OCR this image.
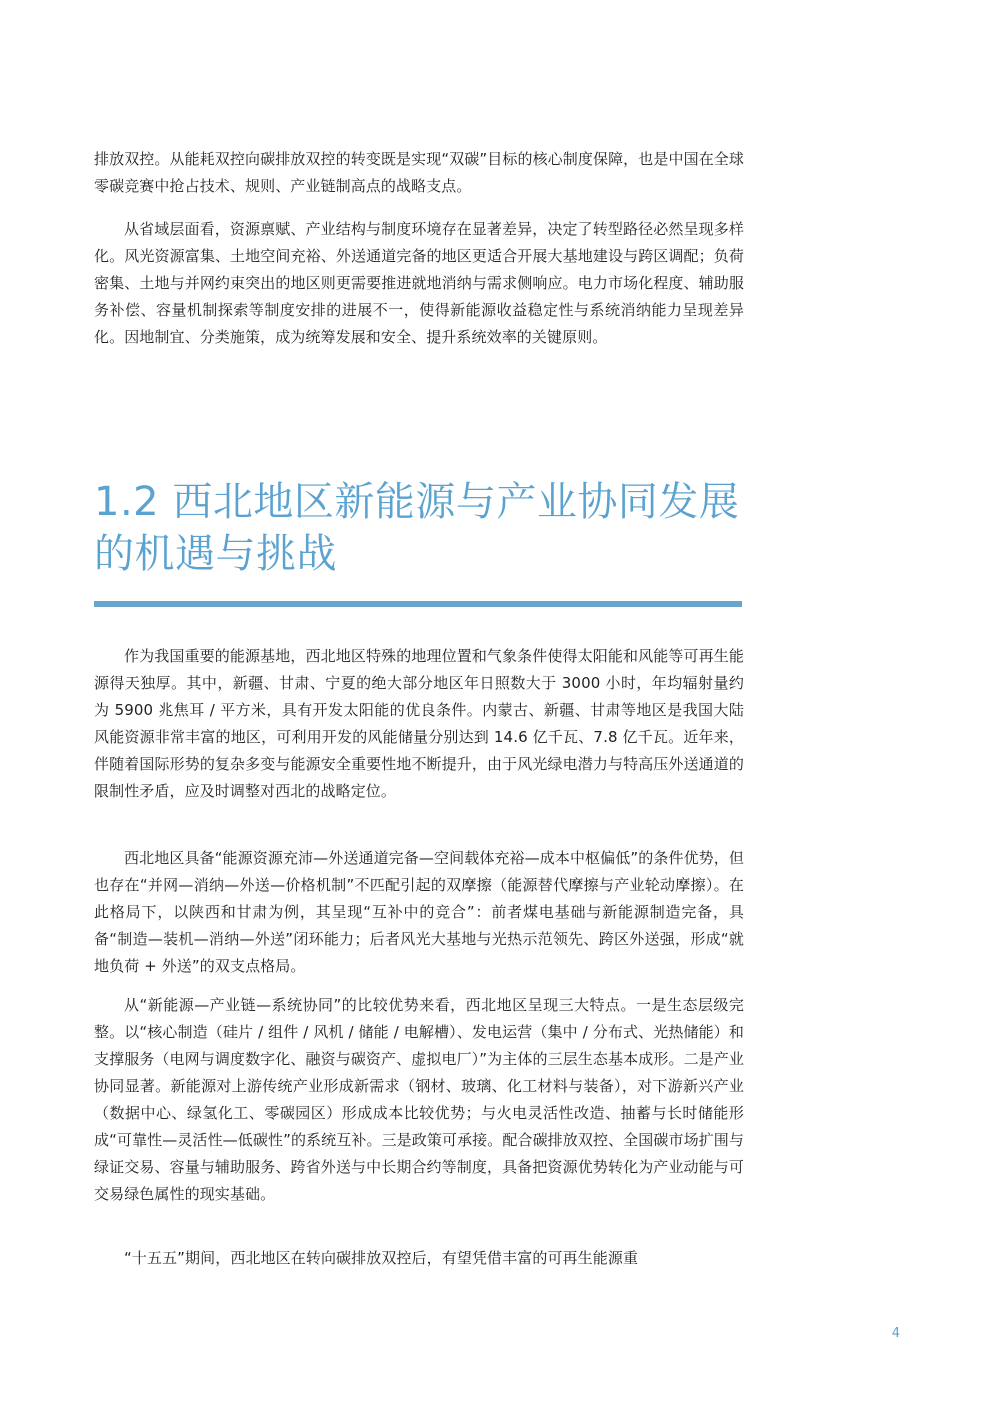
排放双控。从能耗双控向碳排放双控的转变既是实现“双碳”目标的核心制度保障，也是中国在全球零碳竞赛中抢占技术、规则、产业链制高点的战略支点。

从省域层面看，资源禀赋、产业结构与制度环境存在显著差异，决定了转型路径必然呈现多样化。风光资源富集、土地空间充裕、外送通道完备的地区更适合开展大基地建设与跨区调配；负荷密集、土地与并网约束突出的地区则更需要推进就地消纳与需求侧响应。电力市场化程度、辅助服务补偿、容量机制探索等制度安排的进展不一，使得新能源收益稳定性与系统消纳能力呈现差异化。因地制宜、分类施策，成为统筹发展和安全、提升系统效率的关键原则。

1.2 西北地区新能源与产业协同发展的机遇与挑战

作为我国重要的能源基地，西北地区特殊的地理位置和气象条件使得太阳能和风能等可再生能源得天独厚。其中，新疆、甘肃、宁夏的绝大部分地区年日照数大于 3000 小时，年均辐射量约为 5900 兆焦耳 / 平方米，具有开发太阳能的优良条件。内蒙古、新疆、甘肃等地区是我国大陆风能资源非常丰富的地区，可利用开发的风能储量分别达到 14.6 亿千瓦、7.8 亿千瓦。近年来，伴随着国际形势的复杂多变与能源安全重要性地不断提升，由于风光绿电潜力与特高压外送通道的限制性矛盾，应及时调整对西北的战略定位。

西北地区具备“能源资源充沛—外送通道完备—空间载体充裕—成本中枢偏低”的条件优势，但也存在“并网—消纳—外送—价格机制”不匹配引起的双摩擦（能源替代摩擦与产业轮动摩擦）。在此格局下，以陕西和甘肃为例，其呈现“互补中的竞合”：前者煤电基础与新能源制造完备，具备“制造—装机—消纳—外送”闭环能力；后者风光大基地与光热示范领先、跨区外送强，形成“就地负荷 + 外送”的双支点格局。

从“新能源—产业链—系统协同”的比较优势来看，西北地区呈现三大特点。一是生态层级完整。以“核心制造（硅片 / 组件 / 风机 / 储能 / 电解槽）、发电运营（集中 / 分布式、光热储能）和支撑服务（电网与调度数字化、融资与碳资产、虚拟电厂）”为主体的三层生态基本成形。二是产业协同显著。新能源对上游传统产业形成新需求（钢材、玻璃、化工材料与装备），对下游新兴产业（数据中心、绿氢化工、零碳园区）形成成本比较优势；与火电灵活性改造、抽蓄与长时储能形成“可靠性—灵活性—低碳性”的系统互补。三是政策可承接。配合碳排放双控、全国碳市场扩围与绿证交易、容量与辅助服务、跨省外送与中长期合约等制度，具备把资源优势转化为产业动能与可交易绿色属性的现实基础。

“十五五”期间，西北地区在转向碳排放双控后，有望凭借丰富的可再生能源重

4
